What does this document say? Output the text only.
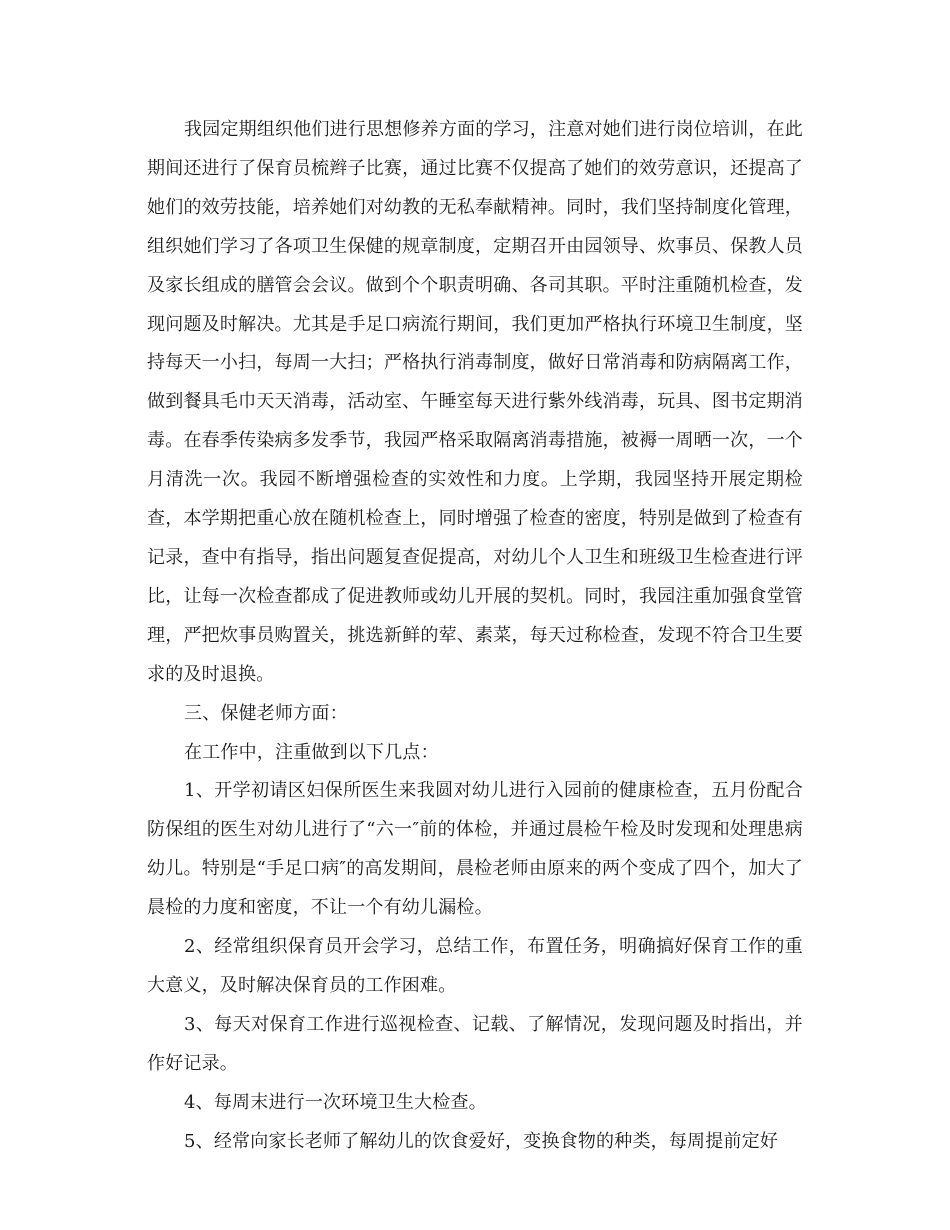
我园定期组织他们进行思想修养方面的学习，注意对她们进行岗位培训，在此期间还进行了保育员梳辫子比赛，通过比赛不仅提高了她们的效劳意识，还提高了她们的效劳技能，培养她们对幼教的无私奉献精神。同时，我们坚持制度化管理，组织她们学习了各项卫生保健的规章制度，定期召开由园领导、炊事员、保教人员及家长组成的膳管会会议。做到个个职责明确、各司其职。平时注重随机检查，发现问题及时解决。尤其是手足口病流行期间，我们更加严格执行环境卫生制度，坚持每天一小扫，每周一大扫；严格执行消毒制度，做好日常消毒和防病隔离工作，做到餐具毛巾天天消毒，活动室、午睡室每天进行紫外线消毒，玩具、图书定期消毒。在春季传染病多发季节，我园严格采取隔离消毒措施，被褥一周晒一次，一个月清洗一次。我园不断增强检查的实效性和力度。上学期，我园坚持开展定期检查，本学期把重心放在随机检查上，同时增强了检查的密度，特别是做到了检查有记录，查中有指导，指出问题复查促提高，对幼儿个人卫生和班级卫生检查进行评比，让每一次检查都成了促进教师或幼儿开展的契机。同时，我园注重加强食堂管理，严把炊事员购置关，挑选新鲜的荤、素菜，每天过称检查，发现不符合卫生要求的及时退换。

三、保健老师方面：

在工作中，注重做到以下几点：

1、开学初请区妇保所医生来我圆对幼儿进行入园前的健康检查，五月份配合防保组的医生对幼儿进行了“六一″前的体检，并通过晨检午检及时发现和处理患病幼儿。特别是“手足口病″的高发期间，晨检老师由原来的两个变成了四个，加大了晨检的力度和密度，不让一个有幼儿漏检。

2、经常组织保育员开会学习，总结工作，布置任务，明确搞好保育工作的重大意义，及时解决保育员的工作困难。

3、每天对保育工作进行巡视检查、记载、了解情况，发现问题及时指出，并作好记录。

4、每周末进行一次环境卫生大检查。

5、经常向家长老师了解幼儿的饮食爱好，变换食物的种类，每周提前定好
